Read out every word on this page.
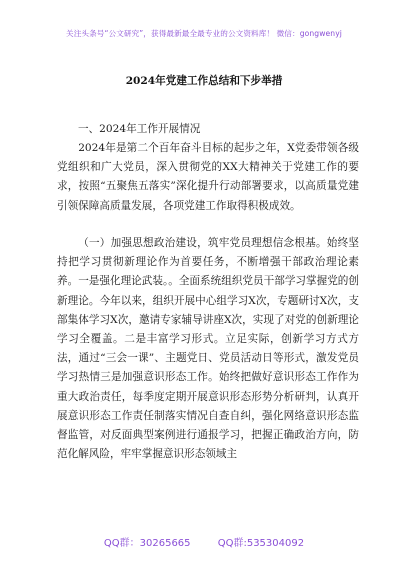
关注头条号“公文研究”，获得最新最全最专业的公文资料库！ 微信：gongwenyj
2024年党建工作总结和下步举措

一、2024年工作开展情况

2024年是第二个百年奋斗目标的起步之年，X党委带领各级党组织和广大党员，深入贯彻党的XX大精神关于党建工作的要求，按照“五聚焦五落实”深化提升行动部署要求，以高质量党建引领保障高质量发展，各项党建工作取得积极成效。

（一）加强思想政治建设，筑牢党员理想信念根基。始终坚持把学习贯彻新理论作为首要任务，不断增强干部政治理论素养。一是强化理论武装。。全面系统组织党员干部学习掌握党的创新理论。今年以来，组织开展中心组学习X次，专题研讨X次，支部集体学习X次，邀请专家辅导讲座X次，实现了对党的创新理论学习全覆盖。二是丰富学习形式。立足实际，创新学习方式方法，通过“三会一课”、主题党日、党员活动日等形式，激发党员学习热情三是加强意识形态工作。始终把做好意识形态工作作为重大政治责任，每季度定期开展意识形态形势分析研判，认真开展意识形态工作责任制落实情况自查自纠，强化网络意识形态监督监管，对反面典型案例进行通报学习，把握正确政治方向，防范化解风险，牢牢掌握意识形态领域主

QQ群：30265665	QQ群:535304092
